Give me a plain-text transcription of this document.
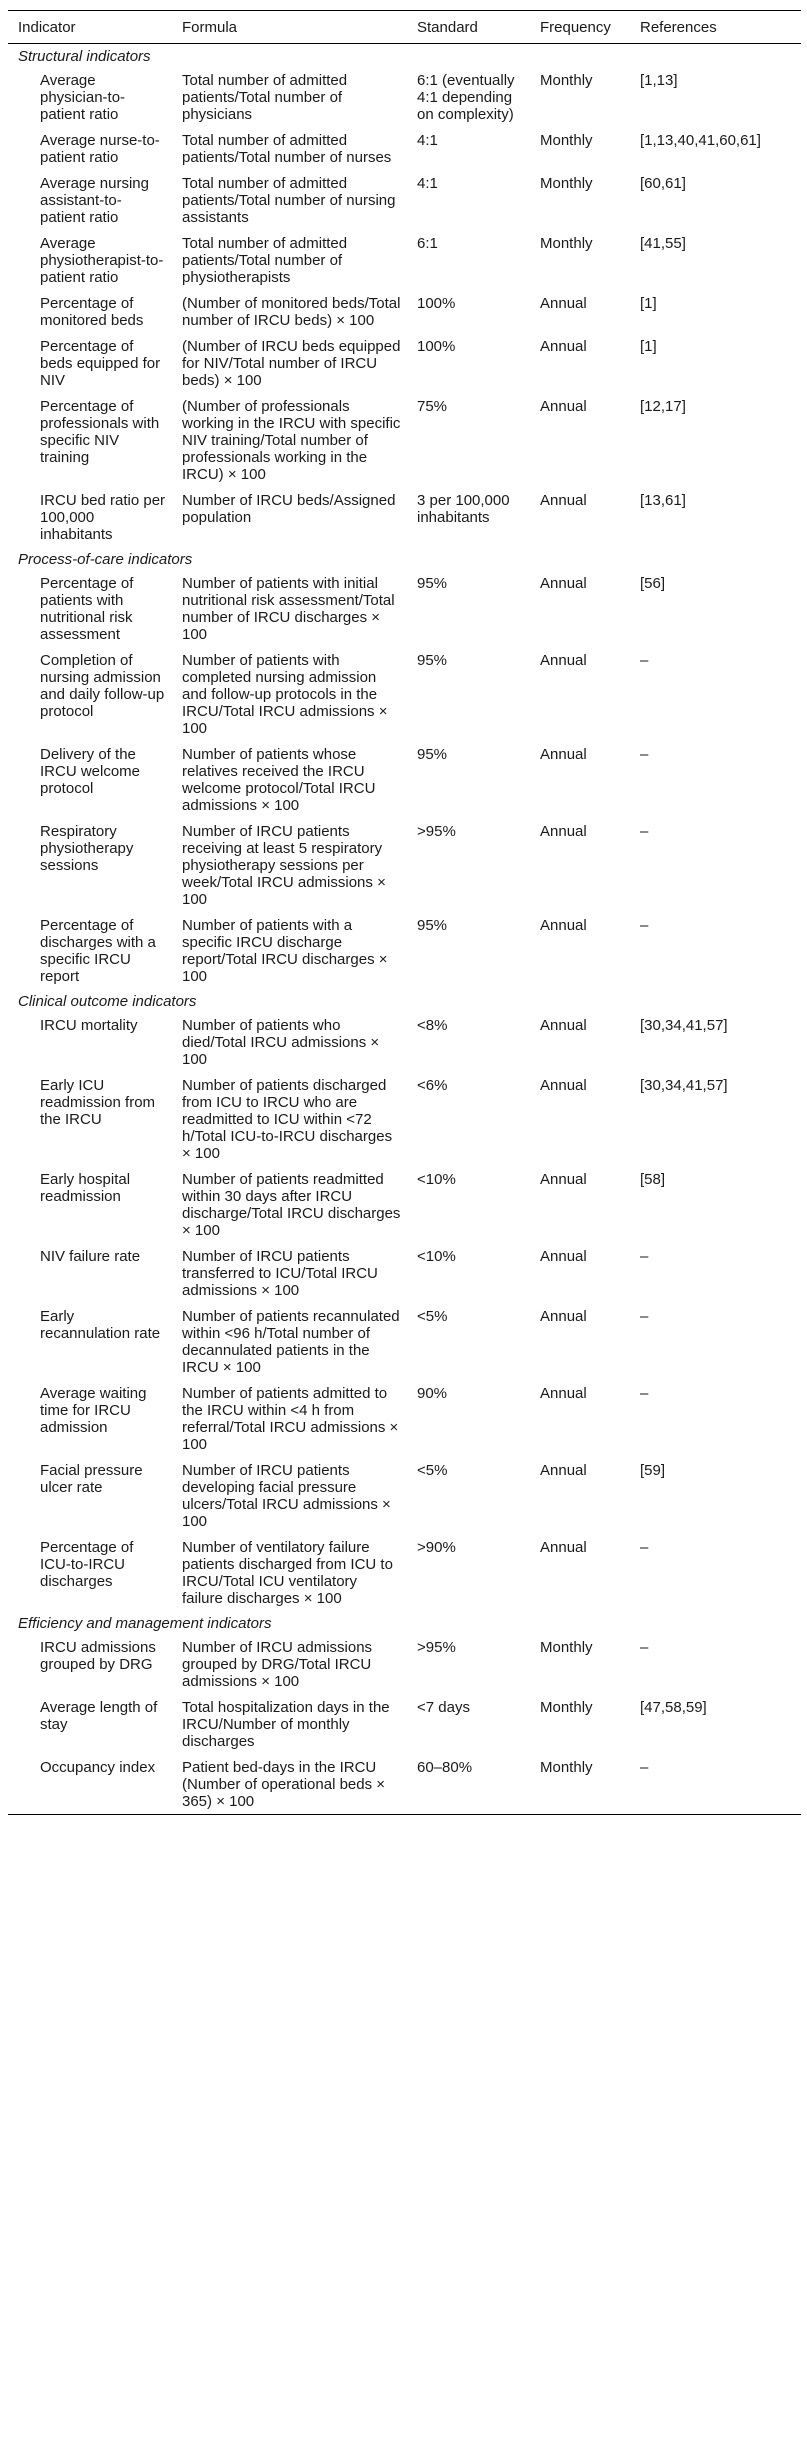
Indicator	Formula	Standard	Frequency	References
Structural indicators				
Average physician-to-patient ratio	Total number of admitted patients/Total number of physicians	6:1 (eventually 4:1 depending on complexity)	Monthly	[1,13]
Average nurse-to-patient ratio	Total number of admitted patients/Total number of nurses	4:1	Monthly	[1,13,40,41,60,61]
Average nursing assistant-to-patient ratio	Total number of admitted patients/Total number of nursing assistants	4:1	Monthly	[60,61]
Average physiotherapist-to-patient ratio	Total number of admitted patients/Total number of physiotherapists	6:1	Monthly	[41,55]
Percentage of monitored beds	(Number of monitored beds/Total number of IRCU beds) × 100	100%	Annual	[1]
Percentage of beds equipped for NIV	(Number of IRCU beds equipped for NIV/Total number of IRCU beds) × 100	100%	Annual	[1]
Percentage of professionals with specific NIV training	(Number of professionals working in the IRCU with specific NIV training/Total number of professionals working in the IRCU) × 100	75%	Annual	[12,17]
IRCU bed ratio per 100,000 inhabitants	Number of IRCU beds/Assigned population	3 per 100,000 inhabitants	Annual	[13,61]
Process-of-care indicators				
Percentage of patients with nutritional risk assessment	Number of patients with initial nutritional risk assessment/Total number of IRCU discharges × 100	95%	Annual	[56]
Completion of nursing admission and daily follow-up protocol	Number of patients with completed nursing admission and follow-up protocols in the IRCU/Total IRCU admissions × 100	95%	Annual	–
Delivery of the IRCU welcome protocol	Number of patients whose relatives received the IRCU welcome protocol/Total IRCU admissions × 100	95%	Annual	–
Respiratory physiotherapy sessions	Number of IRCU patients receiving at least 5 respiratory physiotherapy sessions per week/Total IRCU admissions × 100	>95%	Annual	–
Percentage of discharges with a specific IRCU report	Number of patients with a specific IRCU discharge report/Total IRCU discharges × 100	95%	Annual	–
Clinical outcome indicators				
IRCU mortality	Number of patients who died/Total IRCU admissions × 100	<8%	Annual	[30,34,41,57]
Early ICU readmission from the IRCU	Number of patients discharged from ICU to IRCU who are readmitted to ICU within <72 h/Total ICU-to-IRCU discharges × 100	<6%	Annual	[30,34,41,57]
Early hospital readmission	Number of patients readmitted within 30 days after IRCU discharge/Total IRCU discharges × 100	<10%	Annual	[58]
NIV failure rate	Number of IRCU patients transferred to ICU/Total IRCU admissions × 100	<10%	Annual	–
Early recannulation rate	Number of patients recannulated within <96 h/Total number of decannulated patients in the IRCU × 100	<5%	Annual	–
Average waiting time for IRCU admission	Number of patients admitted to the IRCU within <4 h from referral/Total IRCU admissions × 100	90%	Annual	–
Facial pressure ulcer rate	Number of IRCU patients developing facial pressure ulcers/Total IRCU admissions × 100	<5%	Annual	[59]
Percentage of ICU-to-IRCU discharges	Number of ventilatory failure patients discharged from ICU to IRCU/Total ICU ventilatory failure discharges × 100	>90%	Annual	–
Efficiency and management indicators				
IRCU admissions grouped by DRG	Number of IRCU admissions grouped by DRG/Total IRCU admissions × 100	>95%	Monthly	–
Average length of stay	Total hospitalization days in the IRCU/Number of monthly discharges	<7 days	Monthly	[47,58,59]
Occupancy index	Patient bed-days in the IRCU (Number of operational beds × 365) × 100	60–80%	Monthly	–
